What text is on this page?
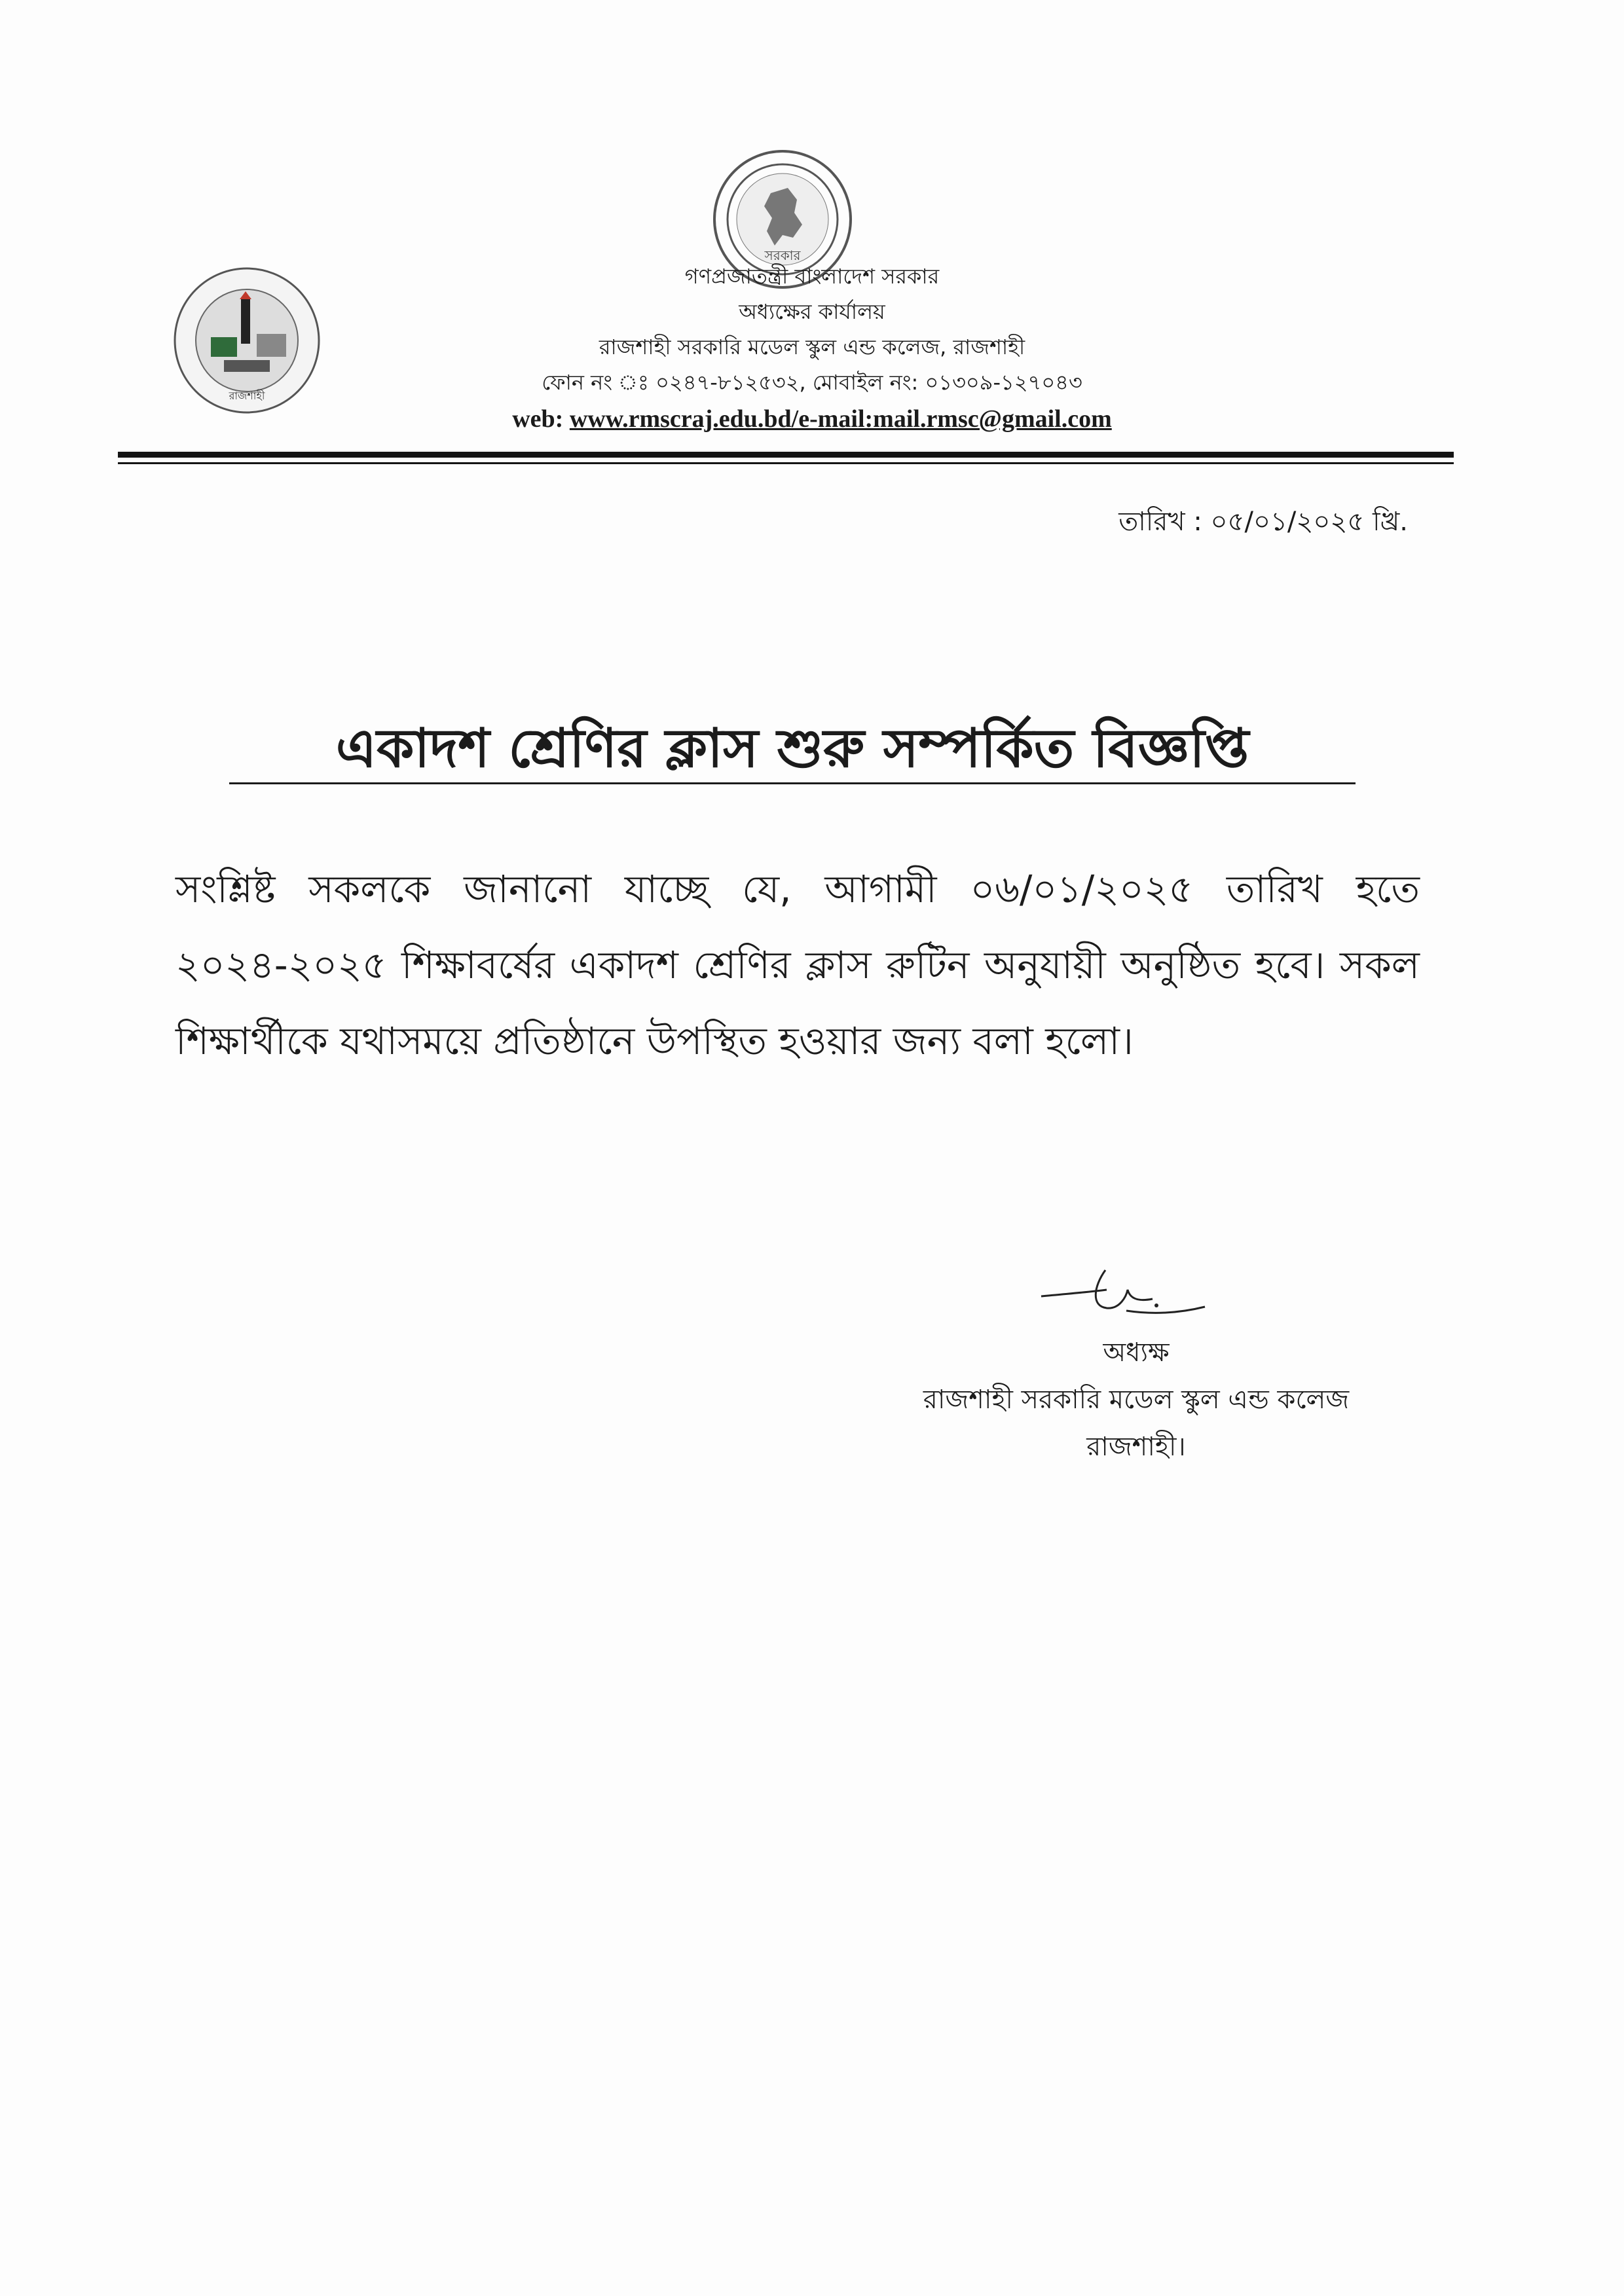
সরকার
রাজশাহী
গণপ্রজাতন্ত্রী বাংলাদেশ সরকার
অধ্যক্ষের কার্যালয়
রাজশাহী সরকারি মডেল স্কুল এন্ড কলেজ, রাজশাহী
ফোন নং ঃ ০২৪৭-৮১২৫৩২, মোবাইল নং: ০১৩০৯-১২৭০৪৩
web: www.rmscraj.edu.bd/e-mail:mail.rmsc@gmail.com
তারিখ : ০৫/০১/২০২৫ খ্রি.
একাদশ শ্রেণির ক্লাস শুরু সম্পর্কিত বিজ্ঞপ্তি
সংশ্লিষ্ট সকলকে জানানো যাচ্ছে যে, আগামী ০৬/০১/২০২৫ তারিখ হতে ২০২৪-২০২৫ শিক্ষাবর্ষের একাদশ শ্রেণির ক্লাস রুটিন অনুযায়ী অনুষ্ঠিত হবে। সকল শিক্ষার্থীকে যথাসময়ে প্রতিষ্ঠানে উপস্থিত হওয়ার জন্য বলা হলো।
অধ্যক্ষ
রাজশাহী সরকারি মডেল স্কুল এন্ড কলেজ
রাজশাহী।
